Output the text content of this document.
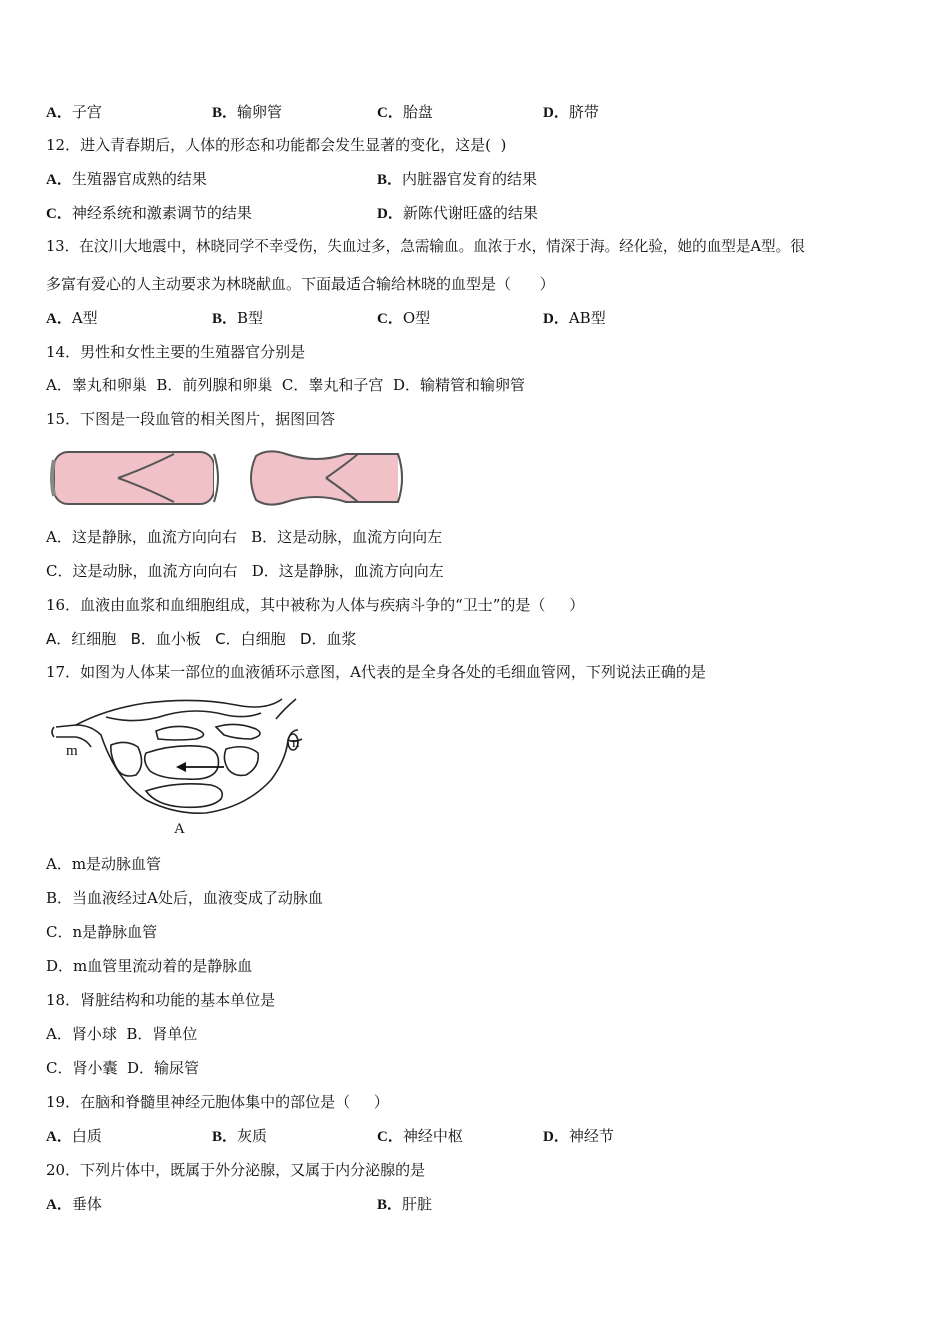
A．子宫	B．输卵管	C．胎盘	D．脐带
12．进入青春期后，人体的形态和功能都会发生显著的变化，这是(  )
A．生殖器官成熟的结果	B．内脏器官发育的结果
C．神经系统和激素调节的结果	D．新陈代谢旺盛的结果
13．在汶川大地震中，林晓同学不幸受伤，失血过多，急需输血。血浓于水，情深于海。经化验，她的血型是A型。很
多富有爱心的人主动要求为林晓献血。下面最适合输给林晓的血型是（      ）
A．A型	B．B型	C．O型	D．AB型
14．男性和女性主要的生殖器官分别是
A．睾丸和卵巢  B．前列腺和卵巢  C．睾丸和子宫  D．输精管和输卵管
15．下图是一段血管的相关图片，据图回答
A．这是静脉，血流方向向右   B．这是动脉，血流方向向左
C．这是动脉，血流方向向右   D．这是静脉，血流方向向左
16．血液由血浆和血细胞组成，其中被称为人体与疾病斗争的“卫士”的是（     ）
A．红细胞   B．血小板   C．白细胞   D．血浆
17．如图为人体某一部位的血液循环示意图，A代表的是全身各处的毛细血管网，下列说法正确的是
m	n
A
A．m是动脉血管
B．当血液经过A处后，血液变成了动脉血
C．n是静脉血管
D．m血管里流动着的是静脉血
18．肾脏结构和功能的基本单位是
A．肾小球  B．肾单位
C．肾小囊  D．输尿管
19．在脑和脊髓里神经元胞体集中的部位是（     ）
A．白质	B．灰质	C．神经中枢	D．神经节
20．下列片体中，既属于外分泌腺，又属于内分泌腺的是
A．垂体	B．肝脏
